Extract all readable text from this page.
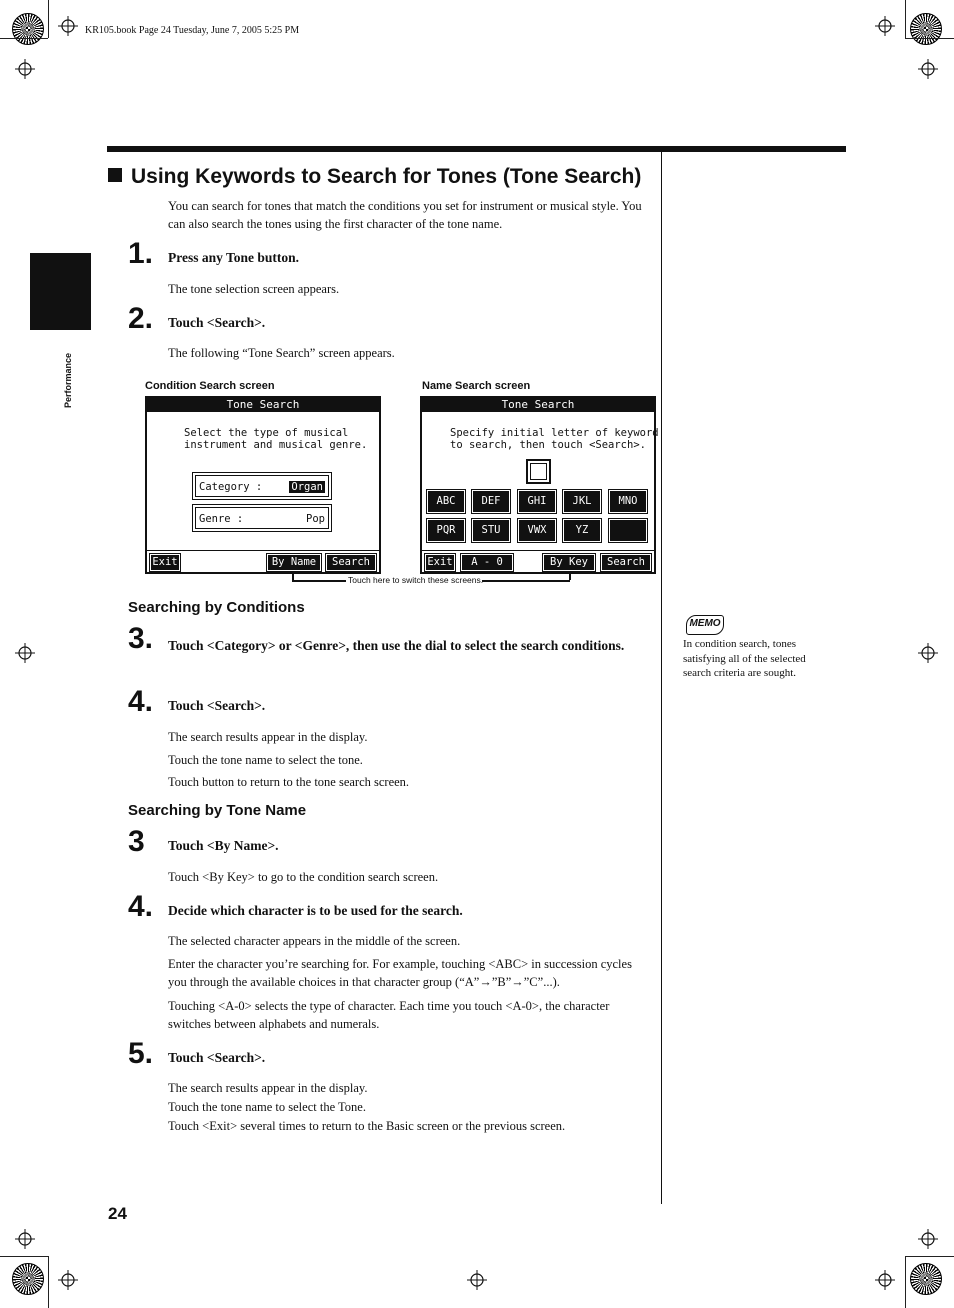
KR105.book Page 24 Tuesday, June 7, 2005 5:25 PM
Performance
Using Keywords to Search for Tones (Tone Search)
You can search for tones that match the conditions you set for instrument or musical style. You can also search the tones using the first character of the tone name.
1. Press any Tone button.
The tone selection screen appears.
2. Touch <Search>.
The following “Tone Search” screen appears.
Condition Search screen	Name Search screen
Tone Search
Select the type of musical
instrument and musical genre.
Category :	Organ
Genre :	Pop
Exit	By Name	Search
Tone Search
Specify initial letter of keyword
to search, then touch <Search>.
ABC	DEF	GHI	JKL	MNO
PQR	STU	VWX	YZ
Exit	A - 0	By Key	Search
Touch here to switch these screens.
Searching by Conditions
3. Touch <Category> or <Genre>, then use the dial to select the search conditions.
4. Touch <Search>.
The search results appear in the display.
Touch the tone name to select the tone.
Touch button to return to the tone search screen.
Searching by Tone Name
3 Touch <By Name>.
Touch <By Key> to go to the condition search screen.
4. Decide which character is to be used for the search.
The selected character appears in the middle of the screen.
Enter the character you’re searching for. For example, touching <ABC> in succession cycles you through the available choices in that character group (“A”→”B”→”C”...).
Touching <A-0> selects the type of character. Each time you touch <A-0>, the character switches between alphabets and numerals.
5. Touch <Search>.
The search results appear in the display.
Touch the tone name to select the Tone.
Touch <Exit> several times to return to the Basic screen or the previous screen.
MEMO
In condition search, tones satisfying all of the selected search criteria are sought.
24
